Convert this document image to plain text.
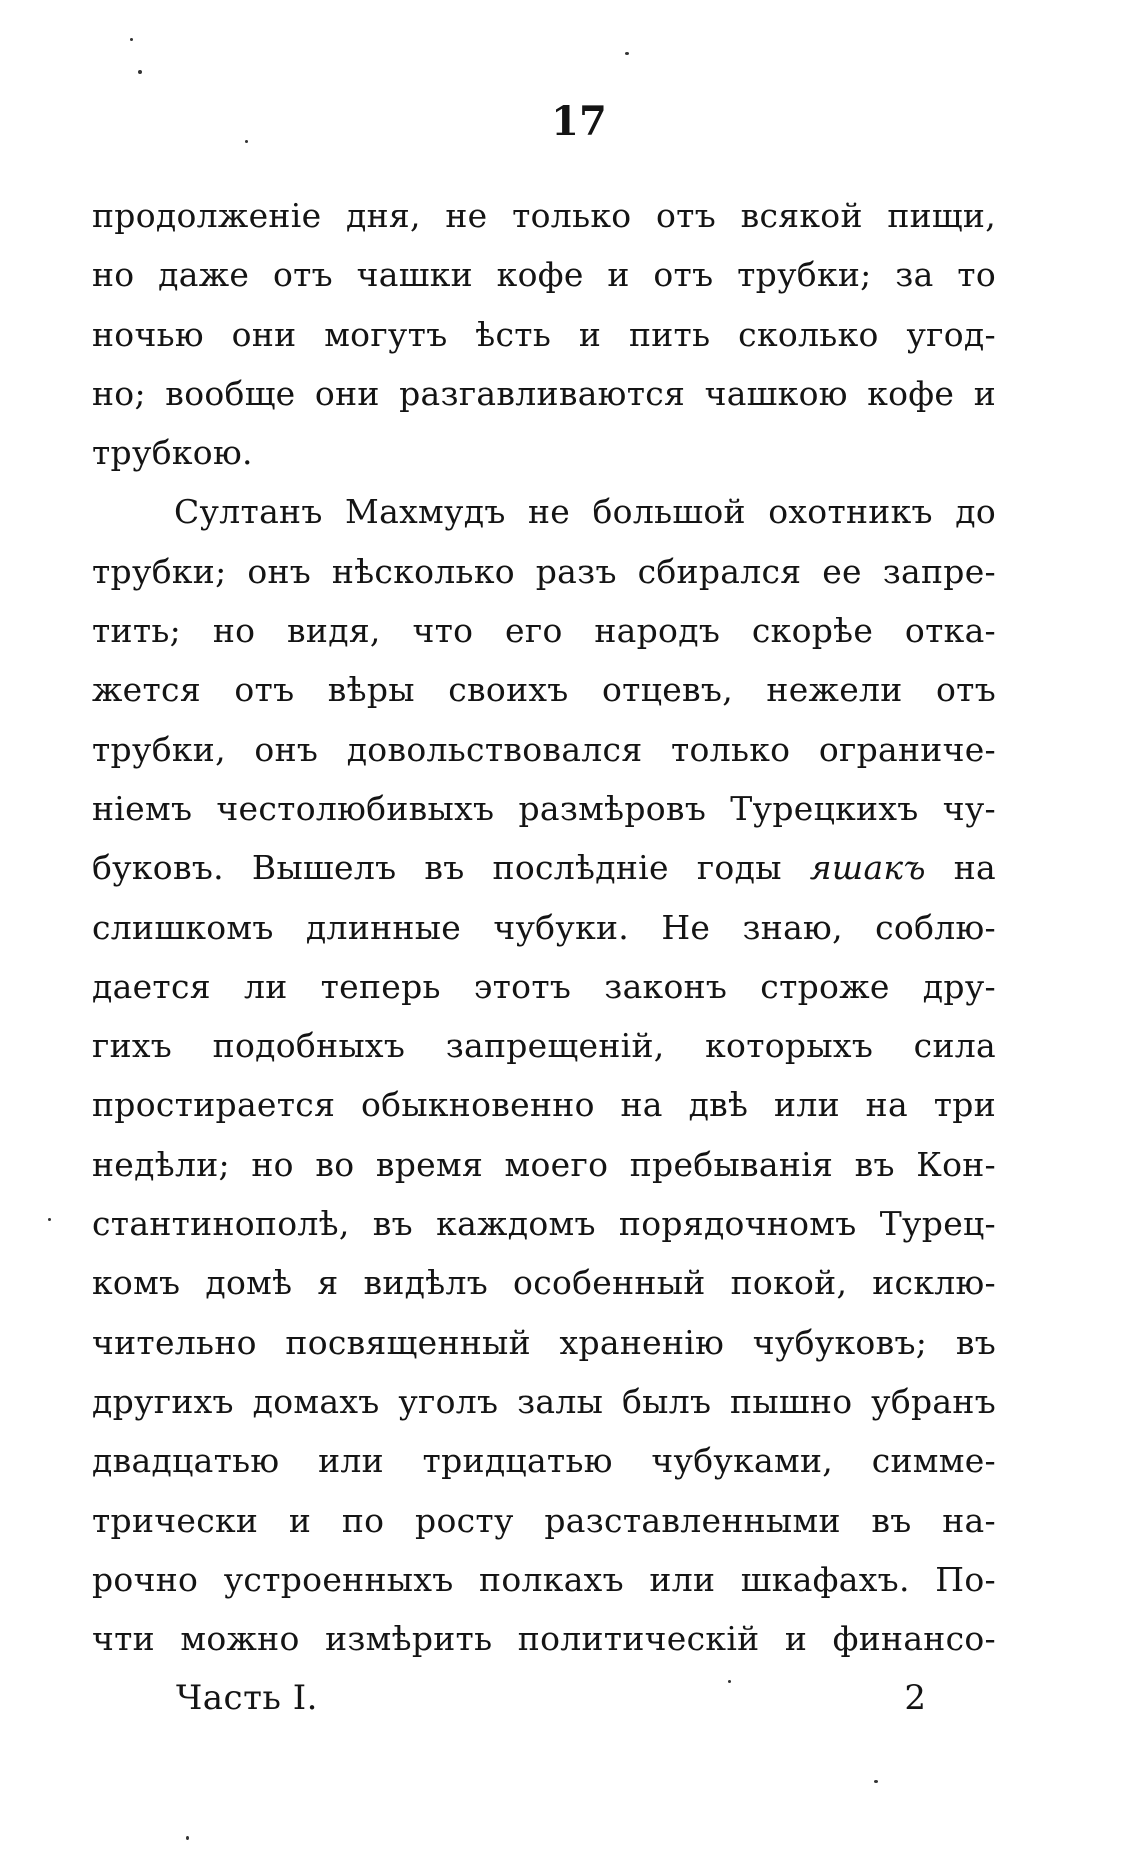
17
продолженіе дня, не только отъ всякой пищи,
но даже отъ чашки кофе и отъ трубки; за то
ночью они могутъ ѣсть и пить сколько угод-
но; вообще они разгавливаются чашкою кофе и
трубкою.
Султанъ Махмудъ не большой охотникъ до
трубки; онъ нѣсколько разъ сбирался ее запре-
тить; но видя, что его народъ скорѣе отка-
жется отъ вѣры своихъ отцевъ, нежели отъ
трубки, онъ довольствовался только ограниче-
ніемъ честолюбивыхъ размѣровъ Турецкихъ чу-
буковъ. Вышелъ въ послѣдніе годы яшакъ на
слишкомъ длинные чубуки. Не знаю, соблю-
дается ли теперь этотъ законъ строже дру-
гихъ подобныхъ запрещеній, которыхъ сила
простирается обыкновенно на двѣ или на три
недѣли; но во время моего пребыванія въ Кон-
стантинополѣ, въ каждомъ порядочномъ Турец-
комъ домѣ я видѣлъ особенный покой, исклю-
чительно посвященный храненію чубуковъ; въ
другихъ домахъ уголъ залы былъ пышно убранъ
двадцатью или тридцатью чубуками, симме-
трически и по росту разставленными въ на-
рочно устроенныхъ полкахъ или шкафахъ. По-
чти можно измѣрить политическій и финансо-
Часть I.	2
